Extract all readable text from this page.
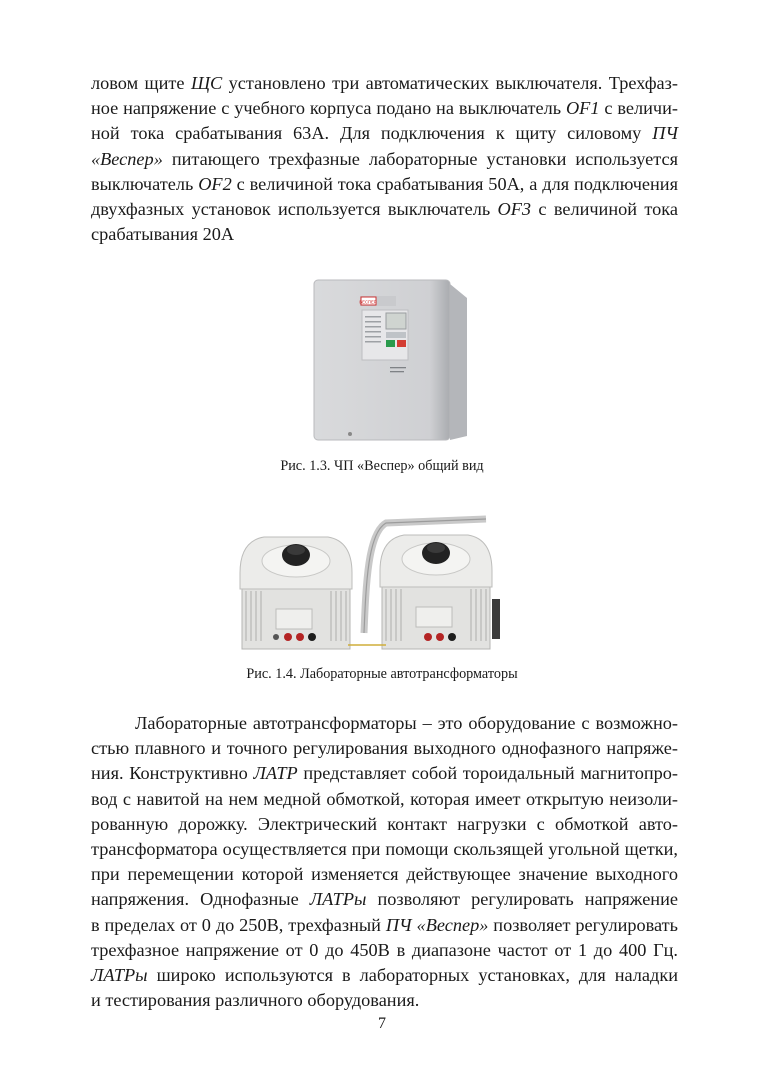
ловом щите ЩС установлено три автоматических выключателя. Трехфаз-
ное напряжение с учебного корпуса подано на выключатель OF1 с величи-
ной тока срабатывания 63А. Для подключения к щиту силовому ПЧ
«Веспер» питающего трехфазные лабораторные установки используется
выключатель OF2 с величиной тока срабатывания 50А, а для подключения
двухфазных установок используется выключатель OF3 с величиной тока
срабатывания 20А
ВЕСПЕР
Рис. 1.3. ЧП «Веспер» общий вид
Рис. 1.4. Лабораторные автотрансформаторы
Лабораторные автотрансформаторы – это оборудование с возможно-
стью плавного и точного регулирования выходного однофазного напряже-
ния. Конструктивно ЛАТР представляет собой тороидальный магнитопро-
вод с навитой на нем медной обмоткой, которая имеет открытую неизоли-
рованную дорожку. Электрический контакт нагрузки с обмоткой авто-
трансформатора осуществляется при помощи скользящей угольной щетки,
при перемещении которой изменяется действующее значение выходного
напряжения. Однофазные ЛАТРы позволяют регулировать напряжение
в пределах от 0 до 250В, трехфазный ПЧ «Веспер» позволяет регулировать
трехфазное напряжение от 0 до 450В в диапазоне частот от 1 до 400 Гц.
ЛАТРы широко используются в лабораторных установках, для наладки
и тестирования различного оборудования.
7
